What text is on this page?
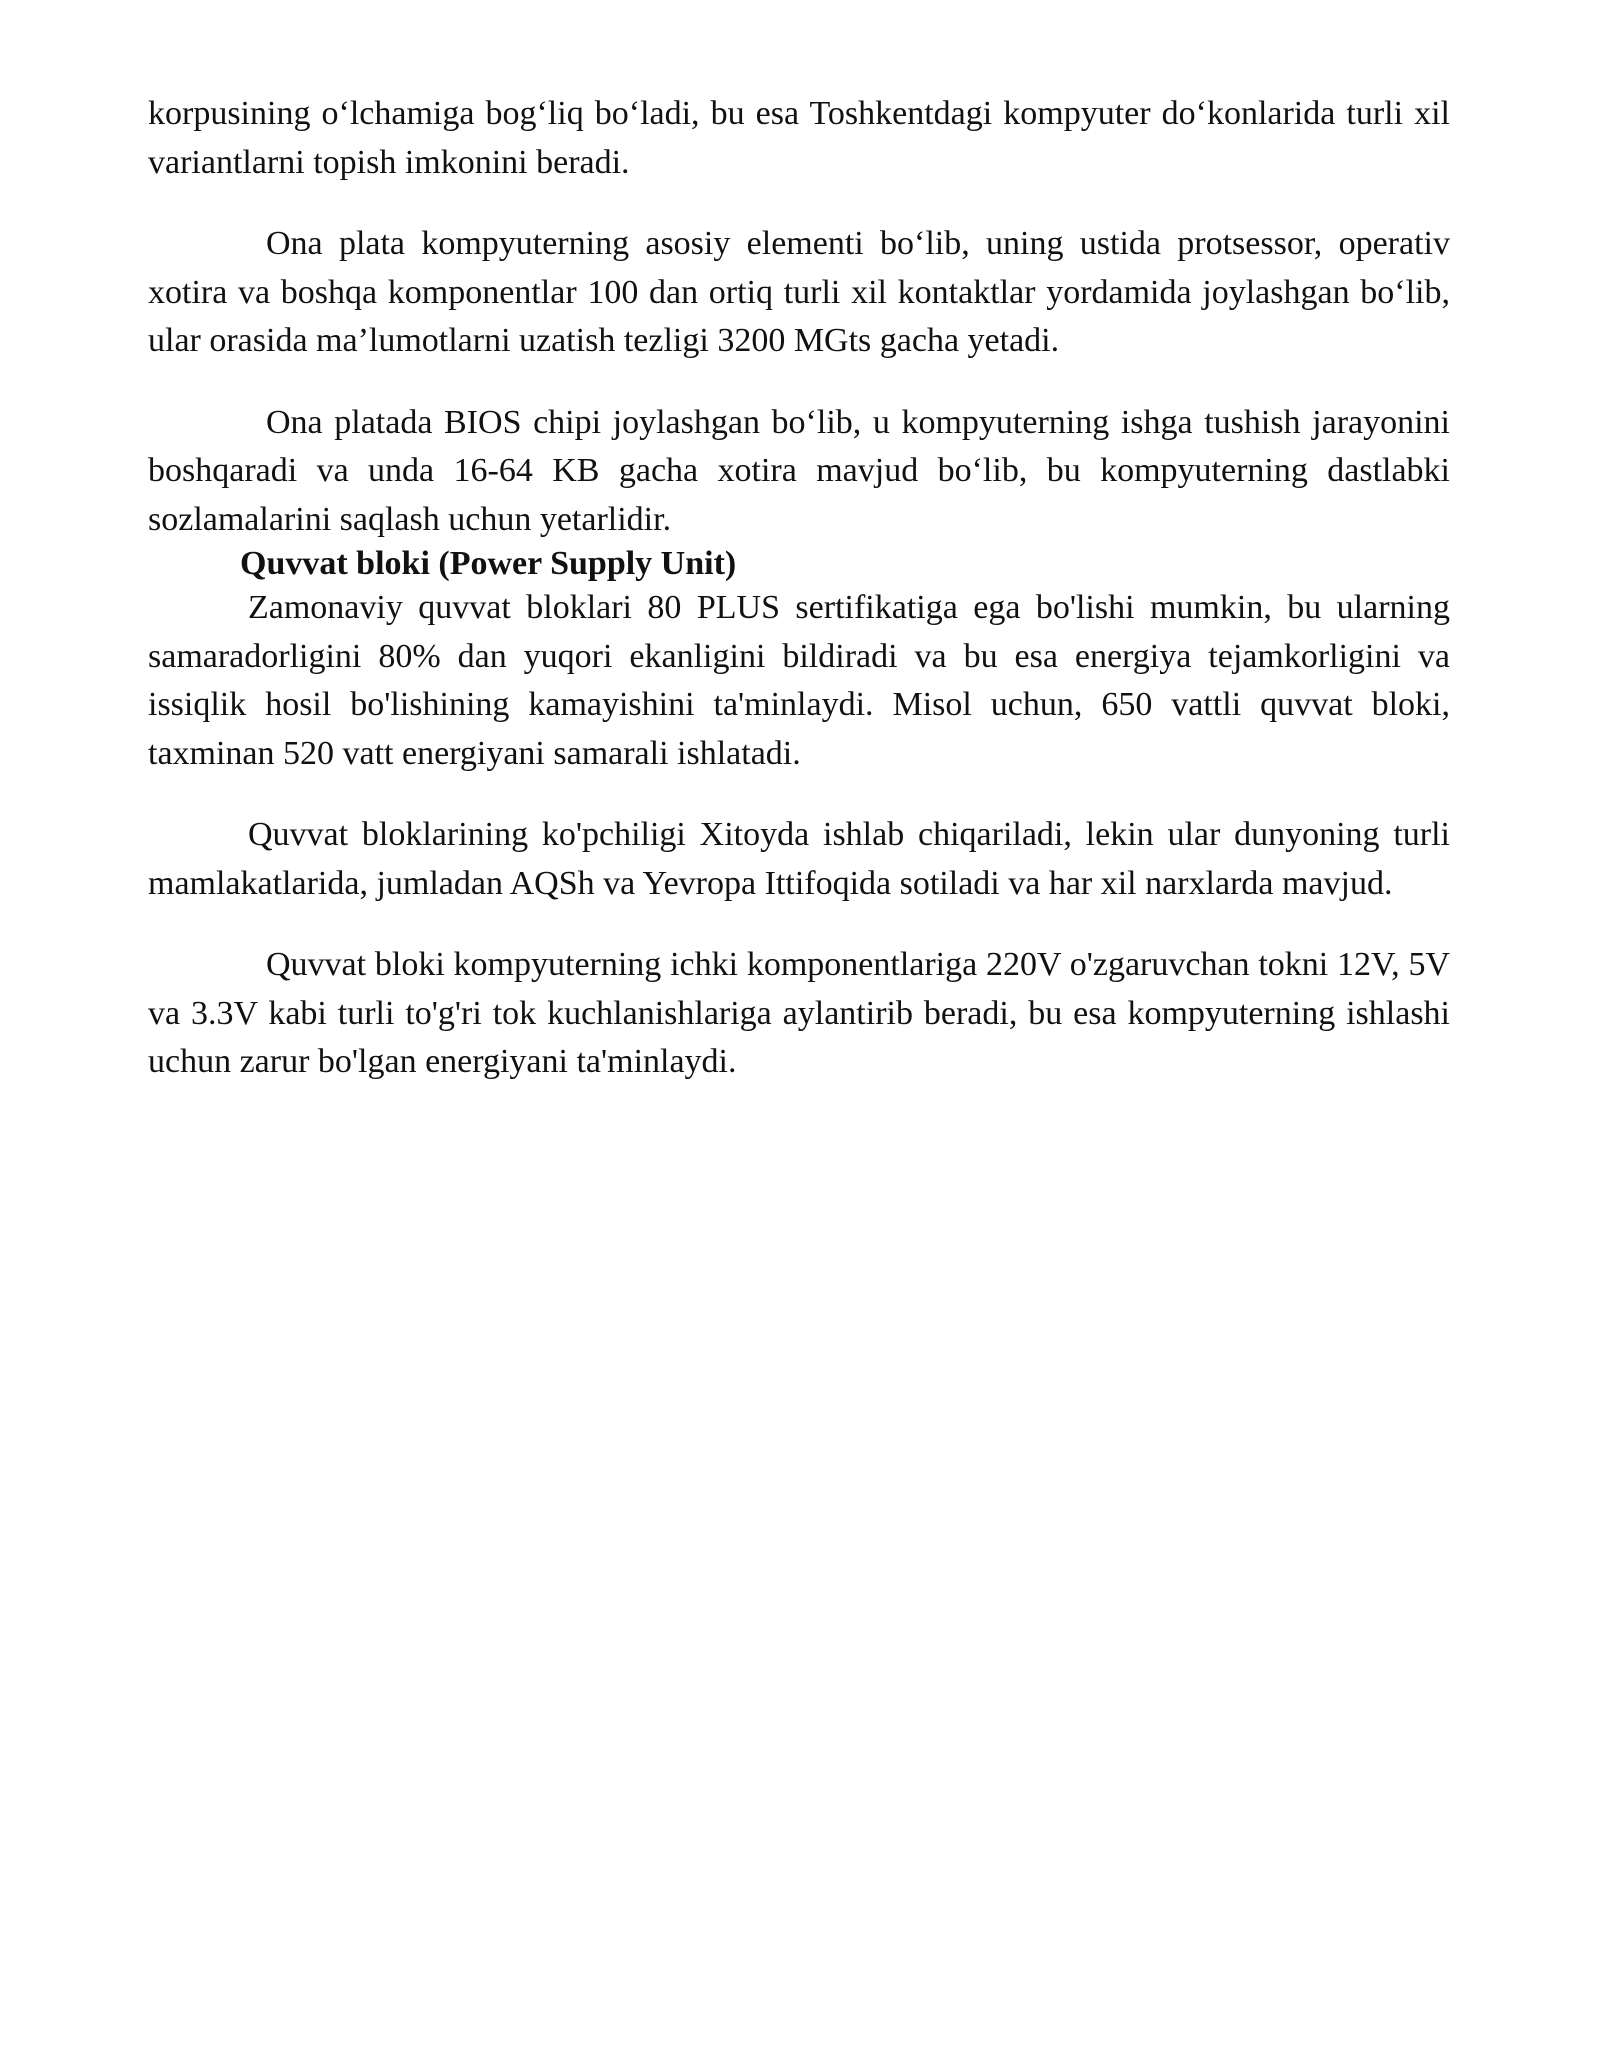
korpusining o‘lchamiga bog‘liq bo‘ladi, bu esa Toshkentdagi kompyuter do‘konlarida turli xil variantlarni topish imkonini beradi.

Ona plata kompyuterning asosiy elementi bo‘lib, uning ustida protsessor, operativ xotira va boshqa komponentlar 100 dan ortiq turli xil kontaktlar yordamida joylashgan bo‘lib, ular orasida ma’lumotlarni uzatish tezligi 3200 MGts gacha yetadi.

Ona platada BIOS chipi joylashgan bo‘lib, u kompyuterning ishga tushish jarayonini boshqaradi va unda 16-64 KB gacha xotira mavjud bo‘lib, bu kompyuterning dastlabki sozlamalarini saqlash uchun yetarlidir.

Quvvat bloki (Power Supply Unit)

Zamonaviy quvvat bloklari 80 PLUS sertifikatiga ega bo'lishi mumkin, bu ularning samaradorligini 80% dan yuqori ekanligini bildiradi va bu esa energiya tejamkorligini va issiqlik hosil bo'lishining kamayishini ta'minlaydi. Misol uchun, 650 vattli quvvat bloki, taxminan 520 vatt energiyani samarali ishlatadi.

Quvvat bloklarining ko'pchiligi Xitoyda ishlab chiqariladi, lekin ular dunyoning turli mamlakatlarida, jumladan AQSh va Yevropa Ittifoqida sotiladi va har xil narxlarda mavjud.

Quvvat bloki kompyuterning ichki komponentlariga 220V o'zgaruvchan tokni 12V, 5V va 3.3V kabi turli to'g'ri tok kuchlanishlariga aylantirib beradi, bu esa kompyuterning ishlashi uchun zarur bo'lgan energiyani ta'minlaydi.
